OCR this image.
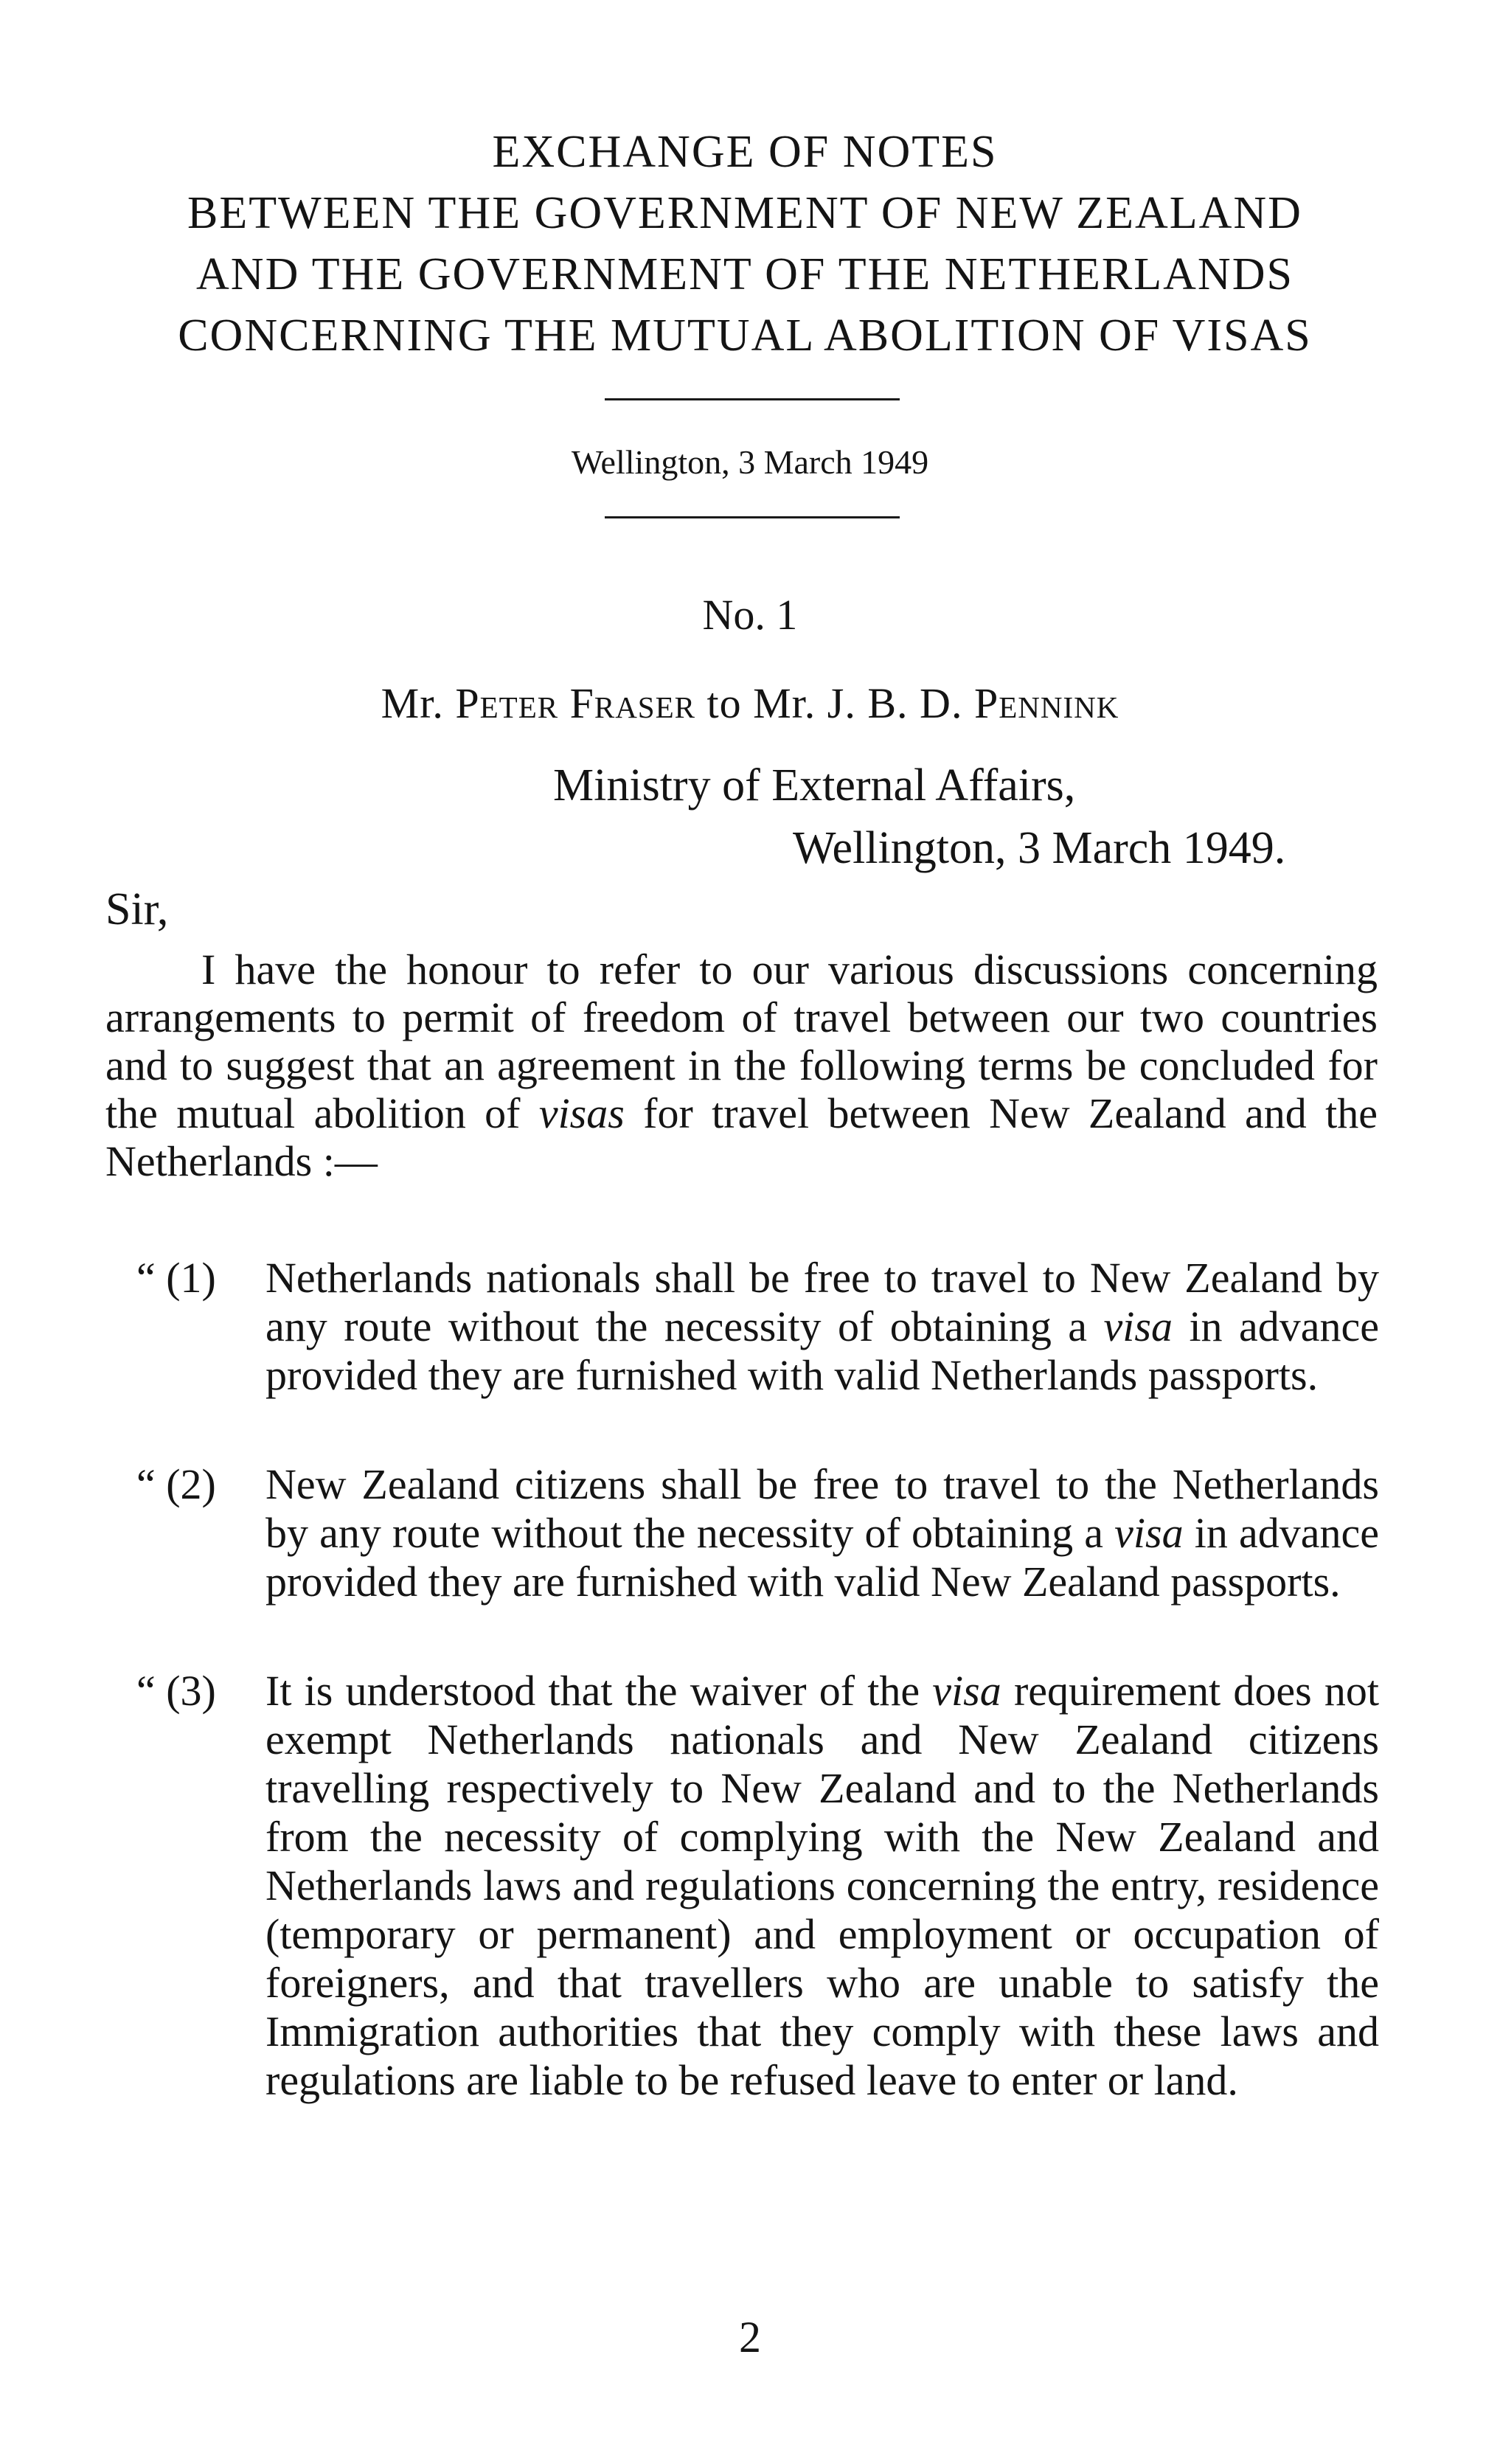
EXCHANGE OF NOTES
BETWEEN THE GOVERNMENT OF NEW ZEALAND
AND THE GOVERNMENT OF THE NETHERLANDS
CONCERNING THE MUTUAL ABOLITION OF VISAS
Wellington, 3 March 1949
No. 1
Mr. Peter Fraser to Mr. J. B. D. Pennink
Ministry of External Affairs,
Wellington, 3 March 1949.
Sir,
I have the honour to refer to our various discussions concerning arrangements to permit of freedom of travel between our two countries and to suggest that an agreement in the following terms be concluded for the mutual abolition of visas for travel between New Zealand and the Netherlands :—
“ (1) Netherlands nationals shall be free to travel to New Zealand by any route without the necessity of obtaining a visa in advance provided they are furnished with valid Netherlands passports.
“ (2) New Zealand citizens shall be free to travel to the Netherlands by any route without the necessity of obtaining a visa in advance provided they are furnished with valid New Zealand passports.
“ (3) It is understood that the waiver of the visa requirement does not exempt Netherlands nationals and New Zealand citizens travelling respectively to New Zealand and to the Netherlands from the necessity of complying with the New Zealand and Netherlands laws and regulations concerning the entry, residence (temporary or permanent) and employment or occupation of foreigners, and that travellers who are unable to satisfy the Immigration authorities that they comply with these laws and regulations are liable to be refused leave to enter or land.
2
